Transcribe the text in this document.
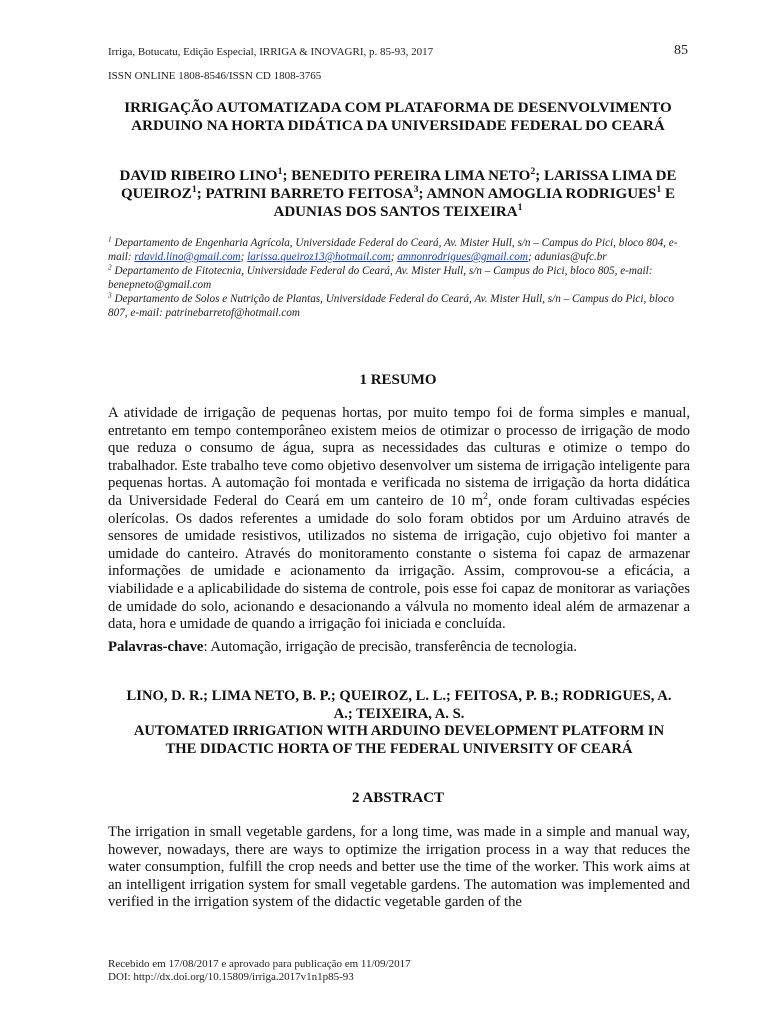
Irriga, Botucatu, Edição Especial, IRRIGA & INOVAGRI, p. 85-93, 2017	85
ISSN ONLINE 1808-8546/ISSN CD 1808-3765
IRRIGAÇÃO AUTOMATIZADA COM PLATAFORMA DE DESENVOLVIMENTO
ARDUINO NA HORTA DIDÁTICA DA UNIVERSIDADE FEDERAL DO CEARÁ
DAVID RIBEIRO LINO$^1$; BENEDITO PEREIRA LIMA NETO$^2$; LARISSA LIMA DE QUEIROZ$^1$; PATRINI BARRETO FEITOSA$^3$; AMNON AMOGLIA RODRIGUES$^1$ E ADUNIAS DOS SANTOS TEIXEIRA$^1$

$^1$ Departamento de Engenharia Agrícola, Universidade Federal do Ceará, Av. Mister Hull, s/n – Campus do Pici, bloco 804, e-mail: rdavid.lino@gmail.com; larissa.queiroz13@hotmail.com; amnonrodrigues@gmail.com; adunias@ufc.br

$^2$ Departamento de Fitotecnia, Universidade Federal do Ceará, Av. Mister Hull, s/n – Campus do Pici, bloco 805, e-mail: benepneto@gmail.com

$^3$ Departamento de Solos e Nutrição de Plantas, Universidade Federal do Ceará, Av. Mister Hull, s/n – Campus do Pici, bloco 807, e-mail: patrinebarretof@hotmail.com

1 RESUMO
A atividade de irrigação de pequenas hortas, por muito tempo foi de forma simples e manual, entretanto em tempo contemporâneo existem meios de otimizar o processo de irrigação de modo que reduza o consumo de água, supra as necessidades das culturas e otimize o tempo do trabalhador. Este trabalho teve como objetivo desenvolver um sistema de irrigação inteligente para pequenas hortas. A automação foi montada e verificada no sistema de irrigação da horta didática da Universidade Federal do Ceará em um canteiro de 10 $m^2$, onde foram cultivadas espécies olerícolas. Os dados referentes a umidade do solo foram obtidos por um Arduino através de sensores de umidade resistivos, utilizados no sistema de irrigação, cujo objetivo foi manter a umidade do canteiro. Através do monitoramento constante o sistema foi capaz de armazenar informações de umidade e acionamento da irrigação. Assim, comprovou-se a eficácia, a viabilidade e a aplicabilidade do sistema de controle, pois esse foi capaz de monitorar as variações de umidade do solo, acionando e desacionando a válvula no momento ideal além de armazenar a data, hora e umidade de quando a irrigação foi iniciada e concluída.
Palavras-chave: Automação, irrigação de precisão, transferência de tecnologia.
LINO, D. R.; LIMA NETO, B. P.; QUEIROZ, L. L.; FEITOSA, P. B.; RODRIGUES, A.
A.; TEIXEIRA, A. S.
AUTOMATED IRRIGATION WITH ARDUINO DEVELOPMENT PLATFORM IN
THE DIDACTIC HORTA OF THE FEDERAL UNIVERSITY OF CEARÁ
2 ABSTRACT
The irrigation in small vegetable gardens, for a long time, was made in a simple and manual way, however, nowadays, there are ways to optimize the irrigation process in a way that reduces the water consumption, fulfill the crop needs and better use the time of the worker. This work aims at an intelligent irrigation system for small vegetable gardens. The automation was implemented and verified in the irrigation system of the didactic vegetable garden of the
Recebido em 17/08/2017 e aprovado para publicação em 11/09/2017
DOI: http://dx.doi.org/10.15809/irriga.2017v1n1p85-93
